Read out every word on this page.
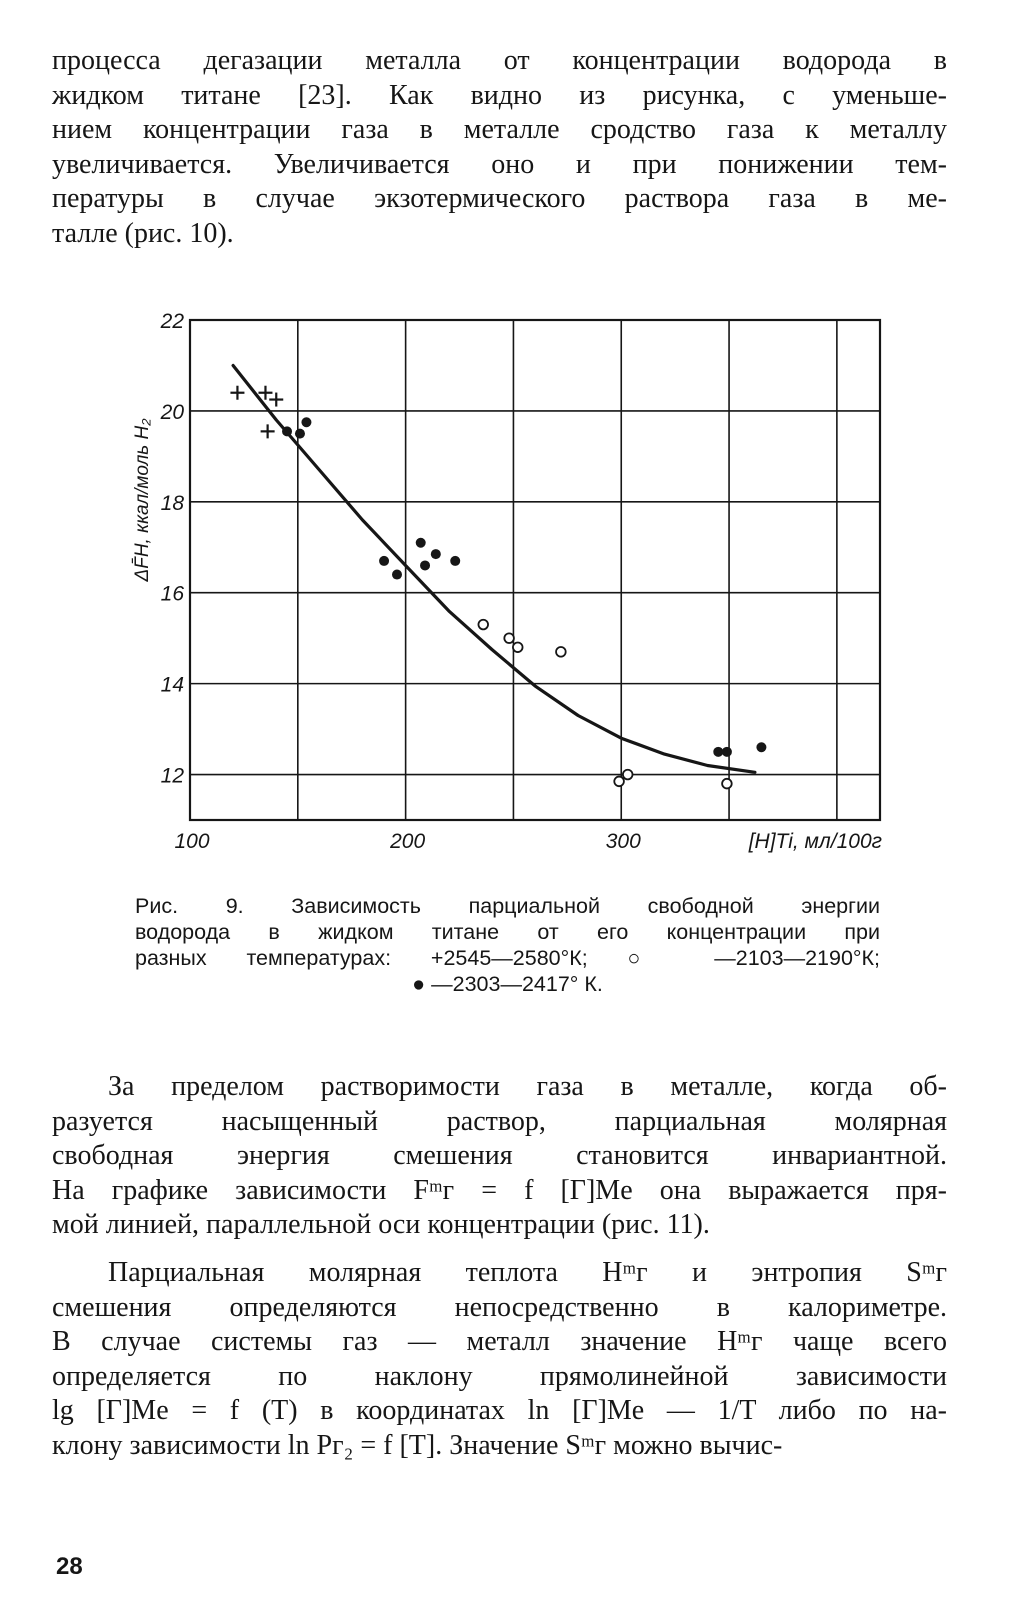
процесса дегазации металла от концентрации водорода в
жидком титане [23]. Как видно из рисунка, с уменьше-
нием концентрации газа в металле сродство газа к металлу
увеличивается. Увеличивается оно и при понижении тем-
пературы в случае экзотермического раствора газа в ме-
талле (рис. 10).
22
20
18
16
14
12
100	200	300	[H]Ti, мл/100г
ΔF̄H, ккал/моль H₂
Рис. 9. Зависимость парциальной свободной энергии
водорода в жидком титане от его концентрации при
разных температурах: +2545—2580°К; ○ —2103—2190°К;
● —2303—2417° К.
За пределом растворимости газа в металле, когда об-
разуется насыщенный раствор, парциальная молярная
свободная энергия смешения становится инвариантной.
На графике зависимости Fᵐг = f [Г]Me она выражается пря-
мой линией, параллельной оси концентрации (рис. 11).
Парциальная молярная теплота Hᵐг и энтропия Sᵐг
смешения определяются непосредственно в калориметре.
В случае системы газ — металл значение Hᵐг чаще всего
определяется по наклону прямолинейной зависимости
lg [Г]Me = f (T) в координатах ln [Г]Me — 1/T либо по на-
клону зависимости ln Pг₂ = f [T]. Значение Sᵐг можно вычис-
28
